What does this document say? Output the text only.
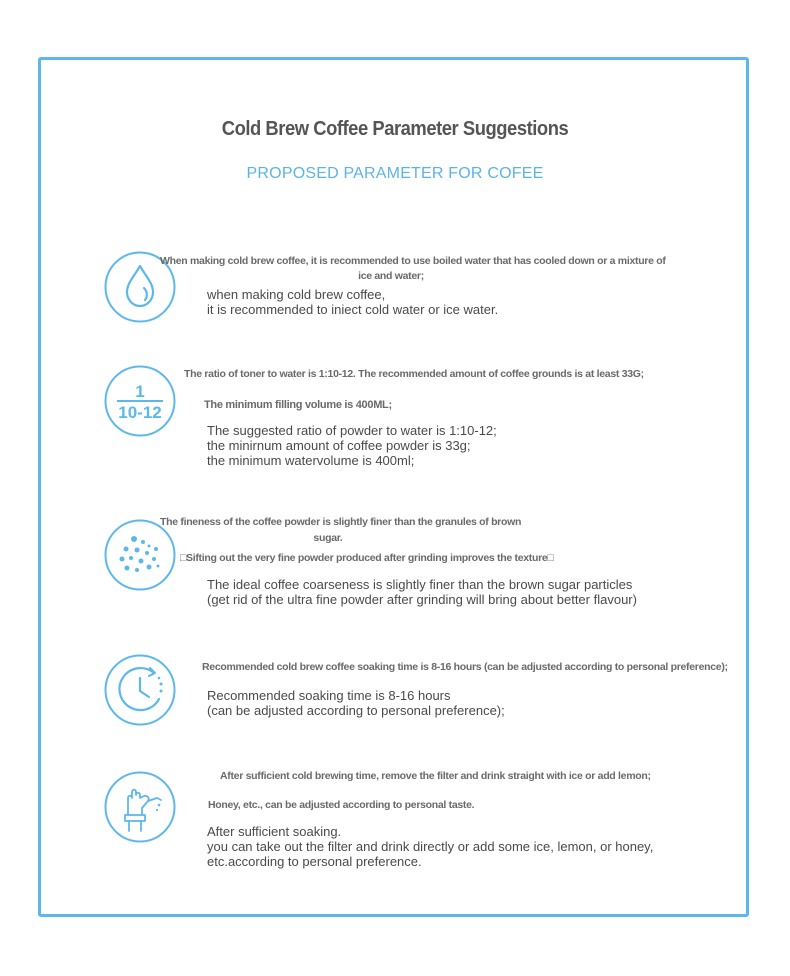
Cold Brew Coffee Parameter Suggestions
PROPOSED PARAMETER FOR COFEE
When making cold brew coffee, it is recommended to use boiled water that has cooled down or a mixture of
ice and water;
when making cold brew coffee,
it is recommended to iniect cold water or ice water.
1
10-12
The ratio of toner to water is 1:10-12. The recommended amount of coffee grounds is at least 33G;
The minimum filling volume is 400ML;
The suggested ratio of powder to water is 1:10-12;
the minirnum amount of coffee powder is 33g;
the minimum watervolume is 400ml;
The fineness of the coffee powder is slightly finer than the granules of brown
sugar.
□Sifting out the very fine powder produced after grinding improves the texture□
The ideal coffee coarseness is slightly finer than the brown sugar particles
(get rid of the ultra fine powder after grinding will bring about better flavour)
Recommended cold brew coffee soaking time is 8-16 hours (can be adjusted according to personal preference);
Recommended soaking time is 8-16 hours
(can be adjusted according to personal preference);
After sufficient cold brewing time, remove the filter and drink straight with ice or add lemon;
Honey, etc., can be adjusted according to personal taste.
After sufficient soaking.
you can take out the filter and drink directly or add some ice, lemon, or honey,
etc.according to personal preference.
